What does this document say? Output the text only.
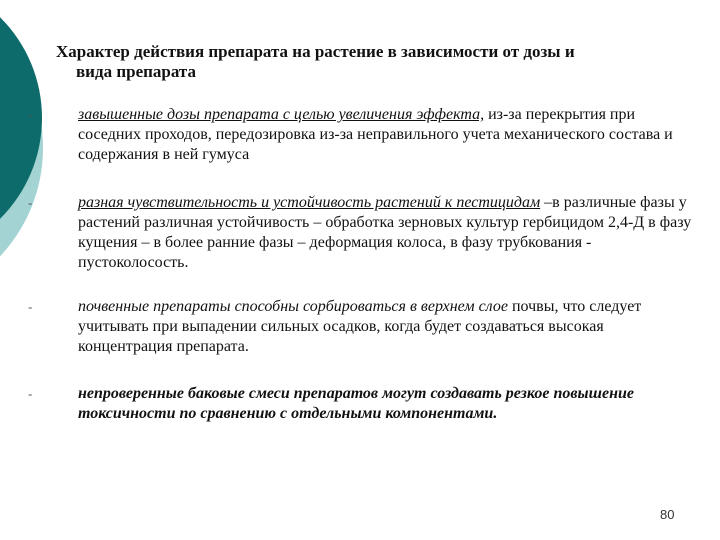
Характер действия препарата на растение в зависимости от дозы и
вида препарата
-	завышенные дозы препарата с целью увеличения эффекта, из-за перекрытия при соседних проходов, передозировка из-за неправильного учета механического состава и содержания в ней гумуса
-	разная чувствительность и устойчивость растений к пестицидам –в различные фазы у растений различная устойчивость – обработка зерновых культур гербицидом 2,4-Д в фазу кущения – в более ранние фазы – деформация колоса, в фазу трубкования - пустоколосость.
-	почвенные препараты способны сорбироваться в верхнем слое почвы, что следует учитывать при выпадении сильных осадков, когда будет создаваться высокая концентрация препарата.
-	непроверенные баковые смеси препаратов могут создавать резкое повышение токсичности по сравнению с отдельными компонентами.
80
